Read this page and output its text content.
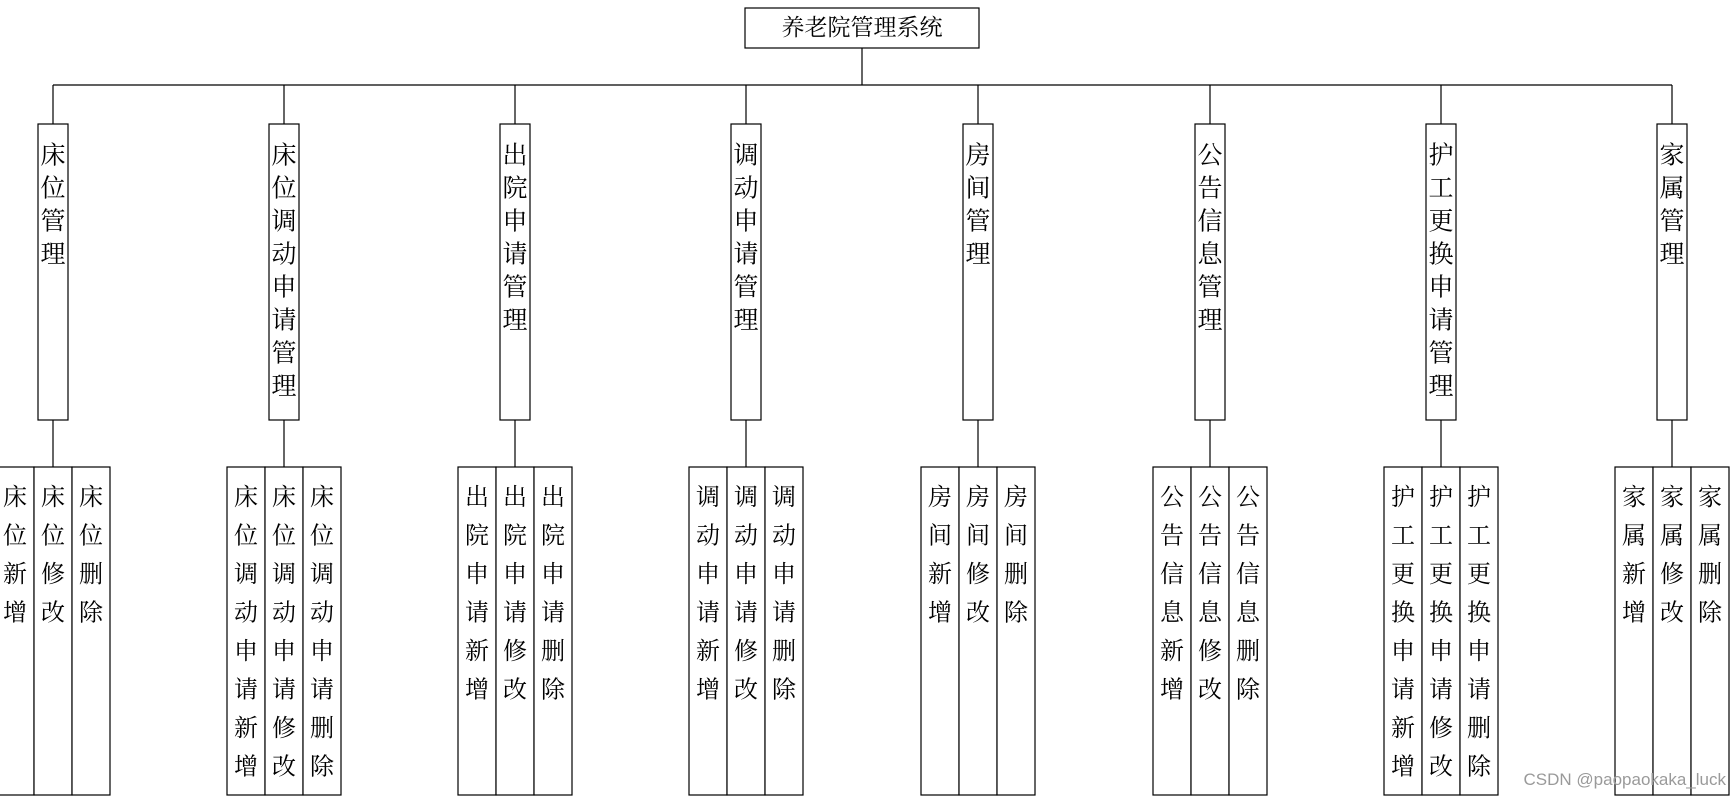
养老院管理系统
床
位
管
理
床
位
调
动
申
请
管
理
出
院
申
请
管
理
调
动
申
请
管
理
房
间
管
理
公
告
信
息
管
理
护
工
更
换
申
请
管
理
家
属
管
理
床
位
新
增
床
位
修
改
床
位
删
除
床
位
调
动
申
请
新
增
床
位
调
动
申
请
修
改
床
位
调
动
申
请
删
除
出
院
申
请
新
增
出
院
申
请
修
改
出
院
申
请
删
除
调
动
申
请
新
增
调
动
申
请
修
改
调
动
申
请
删
除
房
间
新
增
房
间
修
改
房
间
删
除
公
告
信
息
新
增
公
告
信
息
修
改
公
告
信
息
删
除
护
工
更
换
申
请
新
增
护
工
更
换
申
请
修
改
护
工
更
换
申
请
删
除
家
属
新
增
家
属
修
改
家
属
删
除
CSDN @paopaokaka_luck
